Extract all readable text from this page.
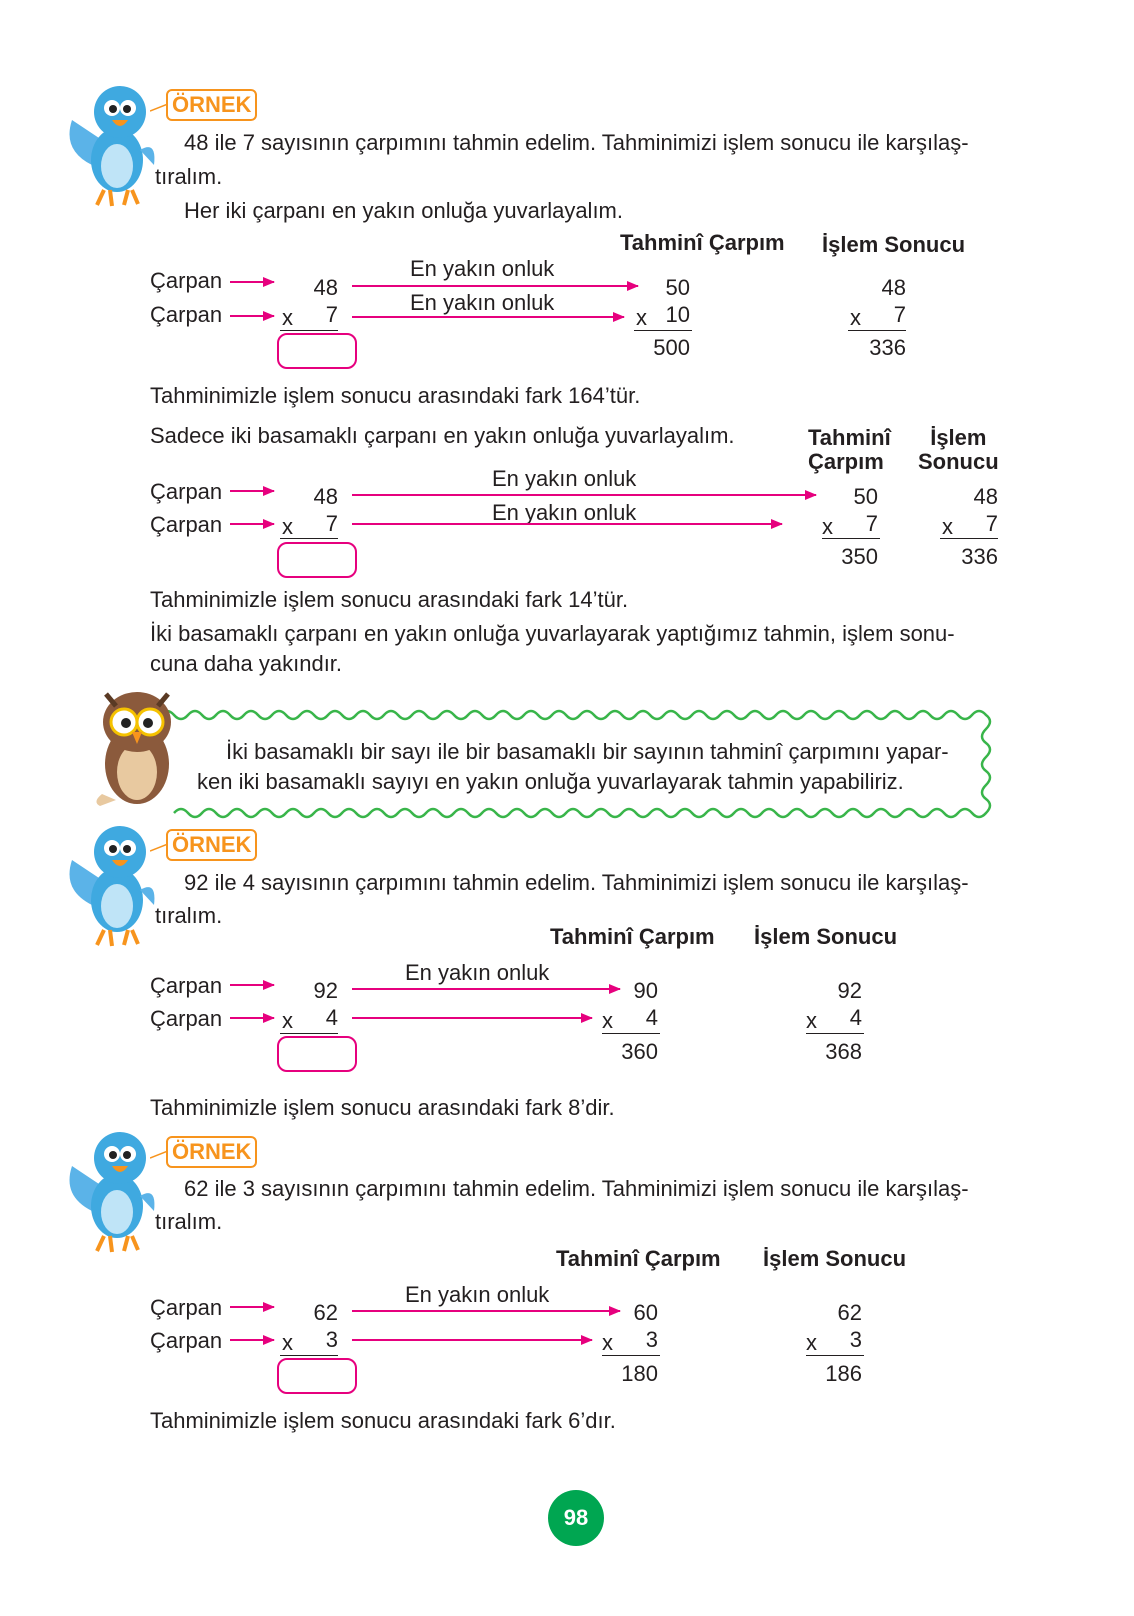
ÖRNEK
48 ile 7 sayısının çarpımını tahmin edelim. Tahminimizi işlem sonucu ile karşılaş-
tıralım.
Her iki çarpanı en yakın onluğa yuvarlayalım.
Tahminî Çarpım İşlem Sonucu
Çarpan
Çarpan
48
x	7
En yakın onluk
En yakın onluk
50
x 10
500
48
x	7
336
Tahminimizle işlem sonucu arasındaki fark 164’tür.
Sadece iki basamaklı çarpanı en yakın onluğa yuvarlayalım.	Tahminî
Çarpım
İşlem
Sonucu
Çarpan
Çarpan
48
x	7
En yakın onluk
En yakın onluk
50
x	7
350
48
x	7
336
Tahminimizle işlem sonucu arasındaki fark 14’tür.
İki basamaklı çarpanı en yakın onluğa yuvarlayarak yaptığımız tahmin, işlem sonu-
cuna daha yakındır.
İki basamaklı bir sayı ile bir basamaklı bir sayının tahminî çarpımını yapar-
ken iki basamaklı sayıyı en yakın onluğa yuvarlayarak tahmin yapabiliriz.
ÖRNEK
92 ile 4 sayısının çarpımını tahmin edelim. Tahminimizi işlem sonucu ile karşılaş-
tıralım.
Tahminî Çarpım İşlem Sonucu
Çarpan
Çarpan
92
x	4
En yakın onluk
90
x	4
360
92
x	4
368
Tahminimizle işlem sonucu arasındaki fark 8’dir.
ÖRNEK
62 ile 3 sayısının çarpımını tahmin edelim. Tahminimizi işlem sonucu ile karşılaş-
tıralım.
Tahminî Çarpım İşlem Sonucu
Çarpan
Çarpan
62
x	3
En yakın onluk
60
x	3
180
62
x	3
186
Tahminimizle işlem sonucu arasındaki fark 6’dır.
98
